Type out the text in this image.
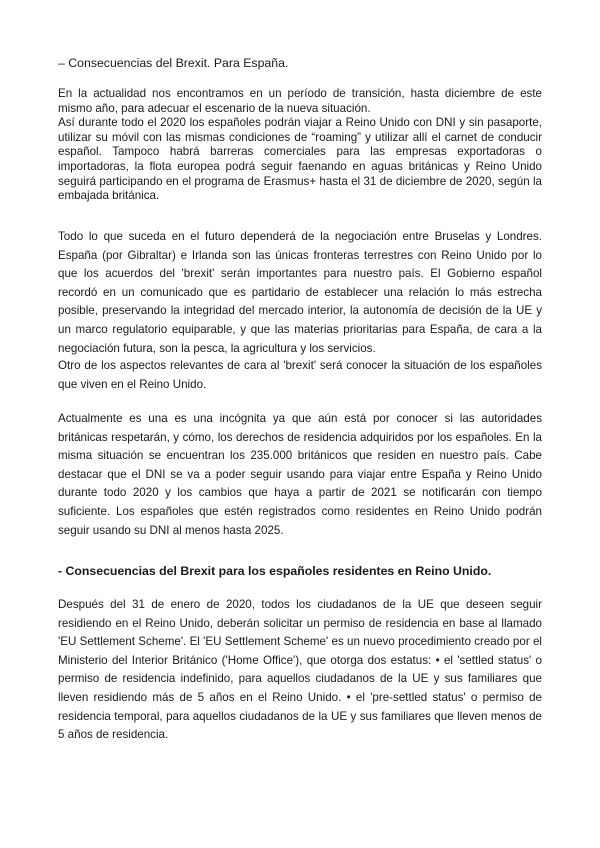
– Consecuencias del Brexit. Para España.

En la actualidad nos encontramos en un período de transición, hasta diciembre de este mismo año, para adecuar el escenario de la nueva situación.
Así durante todo el 2020 los españoles podrán viajar a Reino Unido con DNI y sin pasaporte, utilizar su móvil con las mismas condiciones de “roaming” y utilizar allí el carnet de conducir español. Tampoco habrá barreras comerciales para las empresas exportadoras o importadoras, la flota europea podrá seguir faenando en aguas británicas y Reino Unido seguirá participando en el programa de Erasmus+ hasta el 31 de diciembre de 2020, según la embajada británica.

Todo lo que suceda en el futuro dependerá de la negociación entre Bruselas y Londres. España (por Gibraltar) e Irlanda son las únicas fronteras terrestres con Reino Unido por lo que los acuerdos del 'brexit' serán importantes para nuestro país. El Gobierno español recordó en un comunicado que es partidario de establecer una relación lo más estrecha posible, preservando la integridad del mercado interior, la autonomía de decisión de la UE y un marco regulatorio equiparable, y que las materias prioritarias para España, de cara a la negociación futura, son la pesca, la agricultura y los servicios.

Otro de los aspectos relevantes de cara al 'brexit' será conocer la situación de los españoles que viven en el Reino Unido.

Actualmente es una es una incógnita ya que aún está por conocer si las autoridades británicas respetarán, y cómo, los derechos de residencia adquiridos por los españoles. En la misma situación se encuentran los 235.000 británicos que residen en nuestro país. Cabe destacar que el DNI se va a poder seguir usando para viajar entre España y Reino Unido durante todo 2020 y los cambios que haya a partir de 2021 se notificarán con tiempo suficiente. Los españoles que estén registrados como residentes en Reino Unido podrán seguir usando su DNI al menos hasta 2025.

- Consecuencias del Brexit para los españoles residentes en Reino Unido.

Después del 31 de enero de 2020, todos los ciudadanos de la UE que deseen seguir residiendo en el Reino Unido, deberán solicitar un permiso de residencia en base al llamado 'EU Settlement Scheme'. El 'EU Settlement Scheme' es un nuevo procedimiento creado por el Ministerio del Interior Británico ('Home Office'), que otorga dos estatus: • el 'settled status' o permiso de residencia indefinido, para aquellos ciudadanos de la UE y sus familiares que lleven residiendo más de 5 años en el Reino Unido. • el 'pre-settled status' o permiso de residencia temporal, para aquellos ciudadanos de la UE y sus familiares que lleven menos de 5 años de residencia.
